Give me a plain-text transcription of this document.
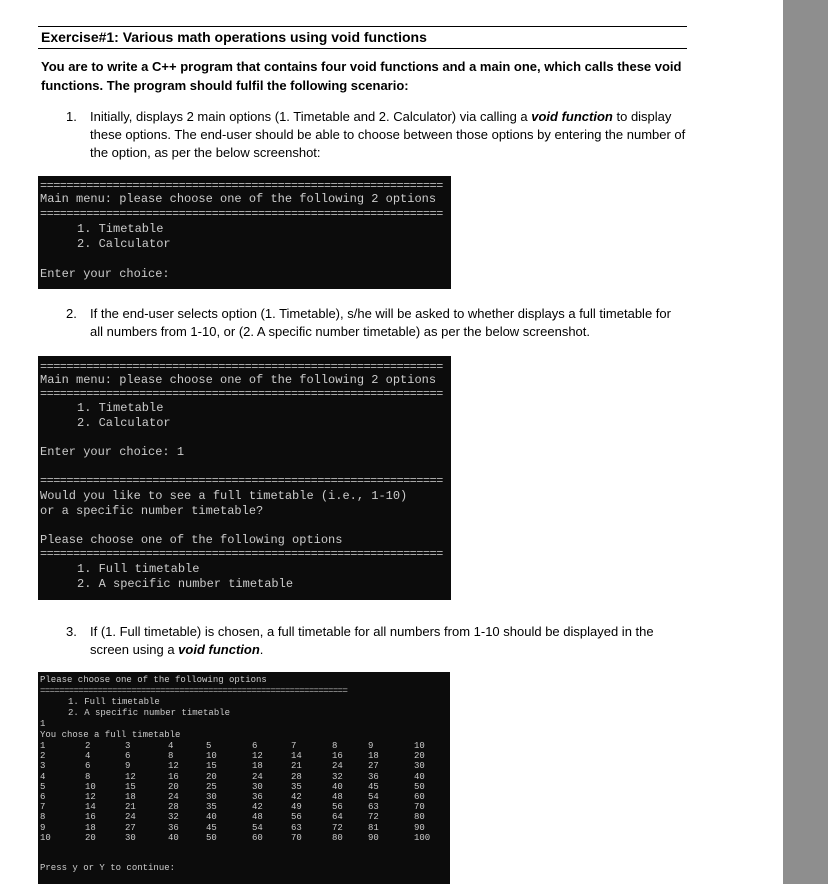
Exercise#1: Various math operations using void functions
You are to write a C++ program that contains four void functions and a main one, which calls these void functions. The program should fulfil the following scenario:
1. Initially, displays 2 main options (1. Timetable and 2. Calculator) via calling a void function to display these options. The end-user should be able to choose between those options by entering the number of the option, as per the below screenshot:
=============================================================
Main menu: please choose one of the following 2 options
=============================================================
1. Timetable
2. Calculator
Enter your choice:
2. If the end-user selects option (1. Timetable), s/he will be asked to whether displays a full timetable for all numbers from 1-10, or (2. A specific number timetable) as per the below screenshot.
=============================================================
Main menu: please choose one of the following 2 options
=============================================================
1. Timetable
2. Calculator
Enter your choice: 1
=============================================================
Would you like to see a full timetable (i.e., 1-10)
or a specific number timetable?
Please choose one of the following options
=============================================================
1. Full timetable
2. A specific number timetable
3. If (1. Full timetable) is chosen, a full timetable for all numbers from 1-10 should be displayed in the screen using a void function.
Please choose one of the following options
================================================================
1. Full timetable
2. A specific number timetable
1
You chose a full timetable
1	2	3	4	5	6	7	8	9	10
2	4	6	8	10	12	14	16	18	20
3	6	9	12	15	18	21	24	27	30
4	8	12	16	20	24	28	32	36	40
5	10	15	20	25	30	35	40	45	50
6	12	18	24	30	36	42	48	54	60
7	14	21	28	35	42	49	56	63	70
8	16	24	32	40	48	56	64	72	80
9	18	27	36	45	54	63	72	81	90
10	20	30	40	50	60	70	80	90	100
Press y or Y to continue:
